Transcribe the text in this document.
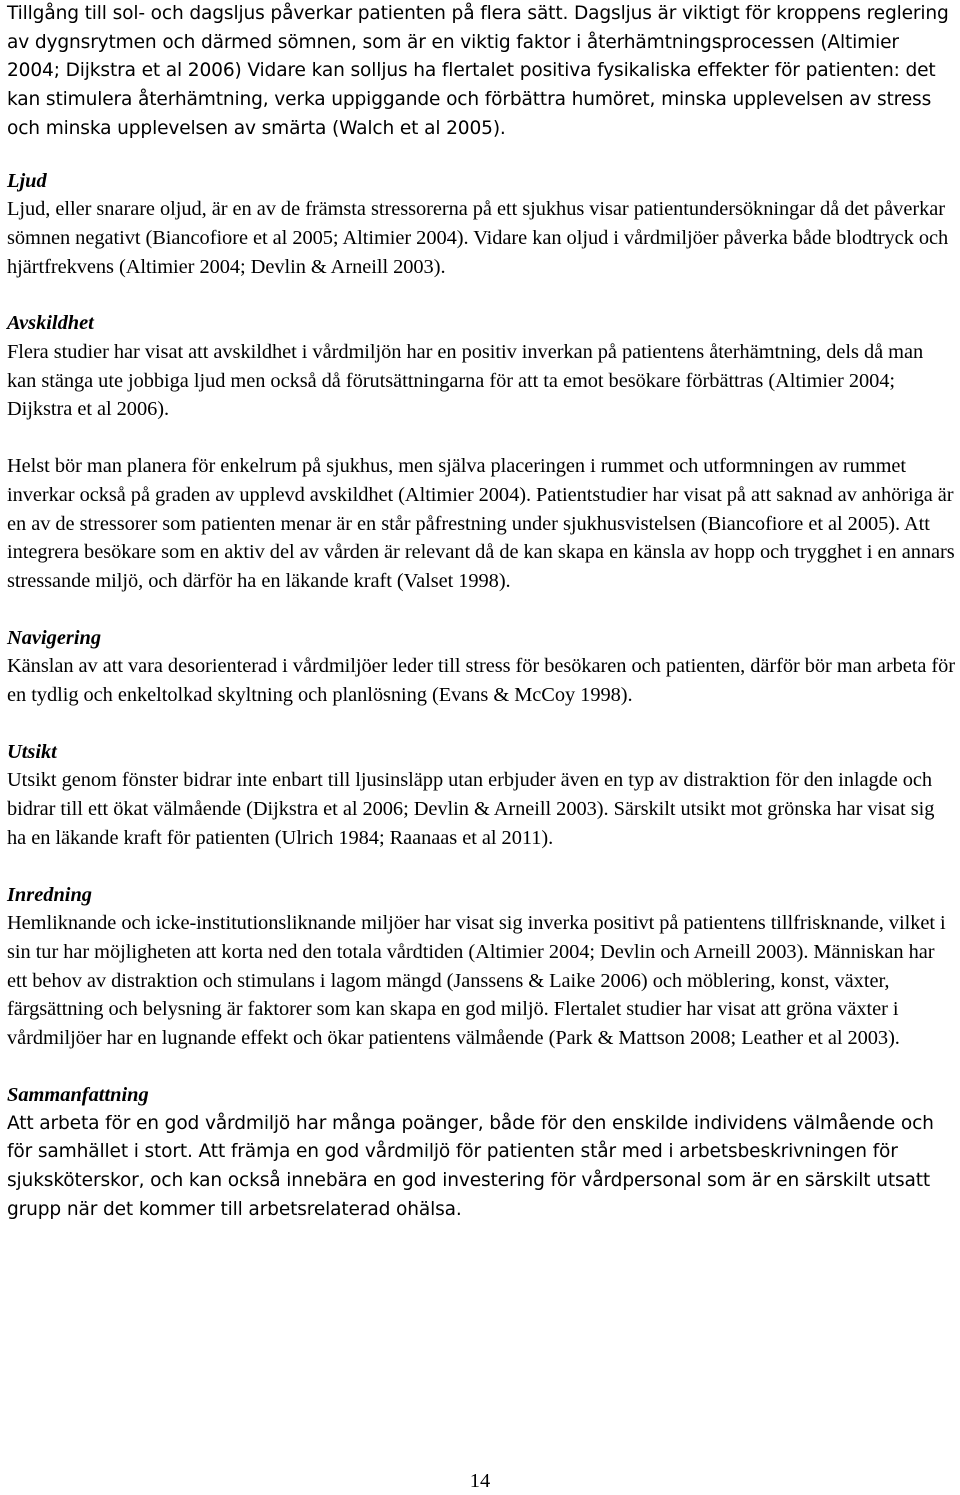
Tillgång till sol- och dagsljus påverkar patienten på flera sätt. Dagsljus är viktigt för kroppens reglering av dygnsrytmen och därmed sömnen, som är en viktig faktor i återhämtningsprocessen (Altimier 2004; Dijkstra et al 2006) Vidare kan solljus ha flertalet positiva fysikaliska effekter för patienten: det kan stimulera återhämtning, verka uppiggande och förbättra humöret, minska upplevelsen av stress och minska upplevelsen av smärta (Walch et al 2005).

Ljud

Ljud, eller snarare oljud, är en av de främsta stressorerna på ett sjukhus visar patientundersökningar då det påverkar sömnen negativt (Biancofiore et al 2005; Altimier 2004). Vidare kan oljud i vårdmiljöer påverka både blodtryck och hjärtfrekvens (Altimier 2004; Devlin & Arneill 2003).

Avskildhet

Flera studier har visat att avskildhet i vårdmiljön har en positiv inverkan på patientens återhämtning, dels då man kan stänga ute jobbiga ljud men också då förutsättningarna för att ta emot besökare förbättras (Altimier 2004; Dijkstra et al 2006).

Helst bör man planera för enkelrum på sjukhus, men själva placeringen i rummet och utformningen av rummet inverkar också på graden av upplevd avskildhet (Altimier 2004). Patientstudier har visat på att saknad av anhöriga är en av de stressorer som patienten menar är en står påfrestning under sjukhusvistelsen (Biancofiore et al 2005). Att integrera besökare som en aktiv del av vården är relevant då de kan skapa en känsla av hopp och trygghet i en annars stressande miljö, och därför ha en läkande kraft (Valset 1998).

Navigering

Känslan av att vara desorienterad i vårdmiljöer leder till stress för besökaren och patienten, därför bör man arbeta för en tydlig och enkeltolkad skyltning och planlösning (Evans & McCoy 1998).

Utsikt

Utsikt genom fönster bidrar inte enbart till ljusinsläpp utan erbjuder även en typ av distraktion för den inlagde och bidrar till ett ökat välmående (Dijkstra et al 2006; Devlin & Arneill 2003). Särskilt utsikt mot grönska har visat sig ha en läkande kraft för patienten (Ulrich 1984; Raanaas et al 2011).

Inredning

Hemliknande och icke-institutionsliknande miljöer har visat sig inverka positivt på patientens tillfrisknande, vilket i sin tur har möjligheten att korta ned den totala vårdtiden (Altimier 2004; Devlin och Arneill 2003). Människan har ett behov av distraktion och stimulans i lagom mängd (Janssens & Laike 2006) och möblering, konst, växter, färgsättning och belysning är faktorer som kan skapa en god miljö. Flertalet studier har visat att gröna växter i vårdmiljöer har en lugnande effekt och ökar patientens välmående (Park & Mattson 2008; Leather et al 2003).

Sammanfattning

Att arbeta för en god vårdmiljö har många poänger, både för den enskilde individens välmående och för samhället i stort. Att främja en god vårdmiljö för patienten står med i arbetsbeskrivningen för sjuksköterskor, och kan också innebära en god investering för vårdpersonal som är en särskilt utsatt grupp när det kommer till arbetsrelaterad ohälsa.

14
